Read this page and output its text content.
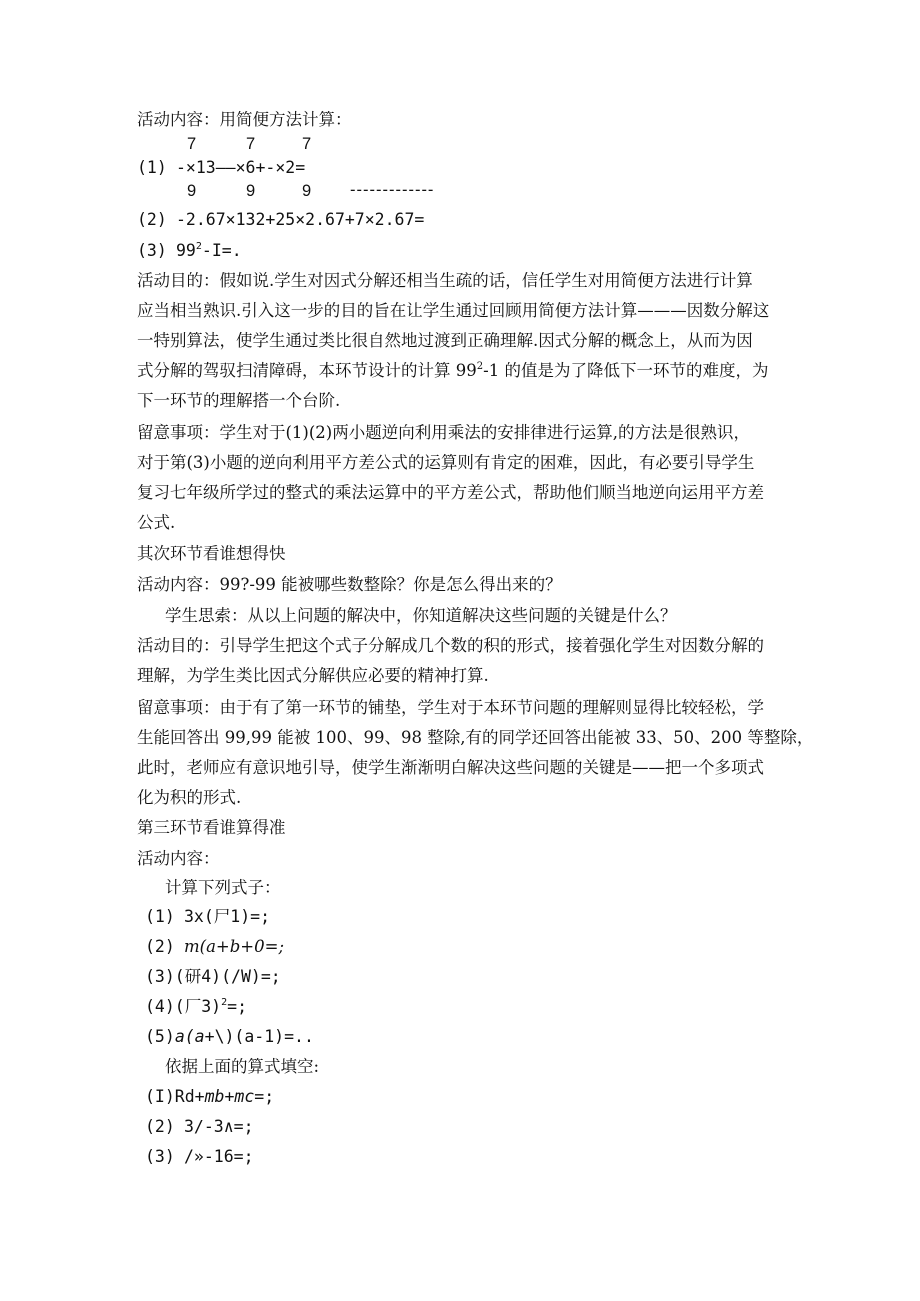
活动内容：用简便方法计算：
7	7	7
(1) -×13——×6+-×2=
9	9	9 -------------
(2) -2.67×132+25×2.67+7×2.67=
(3) $99^2-I=$.
活动目的：假如说.学生对因式分解还相当生疏的话，信任学生对用简便方法进行计算
应当相当熟识.引入这一步的目的旨在让学生通过回顾用简便方法计算———因数分解这
一特别算法，使学生通过类比很自然地过渡到正确理解.因式分解的概念上，从而为因
式分解的驾驭扫清障碍，本环节设计的计算 $99^2-1$ 的值是为了降低下一环节的难度，为
下一环节的理解搭一个台阶.
留意事项：学生对于(1)(2)两小题逆向利用乘法的安排律进行运算,的方法是很熟识，
对于第(3)小题的逆向利用平方差公式的运算则有肯定的困难，因此，有必要引导学生
复习七年级所学过的整式的乘法运算中的平方差公式，帮助他们顺当地逆向运用平方差
公式.
其次环节看谁想得快
活动内容：99?-99 能被哪些数整除？你是怎么得出来的？
学生思索：从以上问题的解决中，你知道解决这些问题的关键是什么？
活动目的：引导学生把这个式子分解成几个数的积的形式，接着强化学生对因数分解的
理解，为学生类比因式分解供应必要的精神打算.
留意事项：由于有了第一环节的铺垫，学生对于本环节问题的理解则显得比较轻松，学
生能回答出 99,99 能被 100、99、98 整除,有的同学还回答出能被 33、50、200 等整除，
此时，老师应有意识地引导，使学生渐渐明白解决这些问题的关键是——把一个多项式
化为积的形式.
第三环节看谁算得准
活动内容：
计算下列式子：
(1) 3x(尸1)=;
(2) m(a+b+0=;
(3)(研4)(/W)=;
(4)(厂3)$^2$=;
(5)a(a+\)(a-1)=..
依据上面的算式填空:
(I)Rd+mb+mc=;
(2) 3∕-3∧=;
(3) /»-16=;
